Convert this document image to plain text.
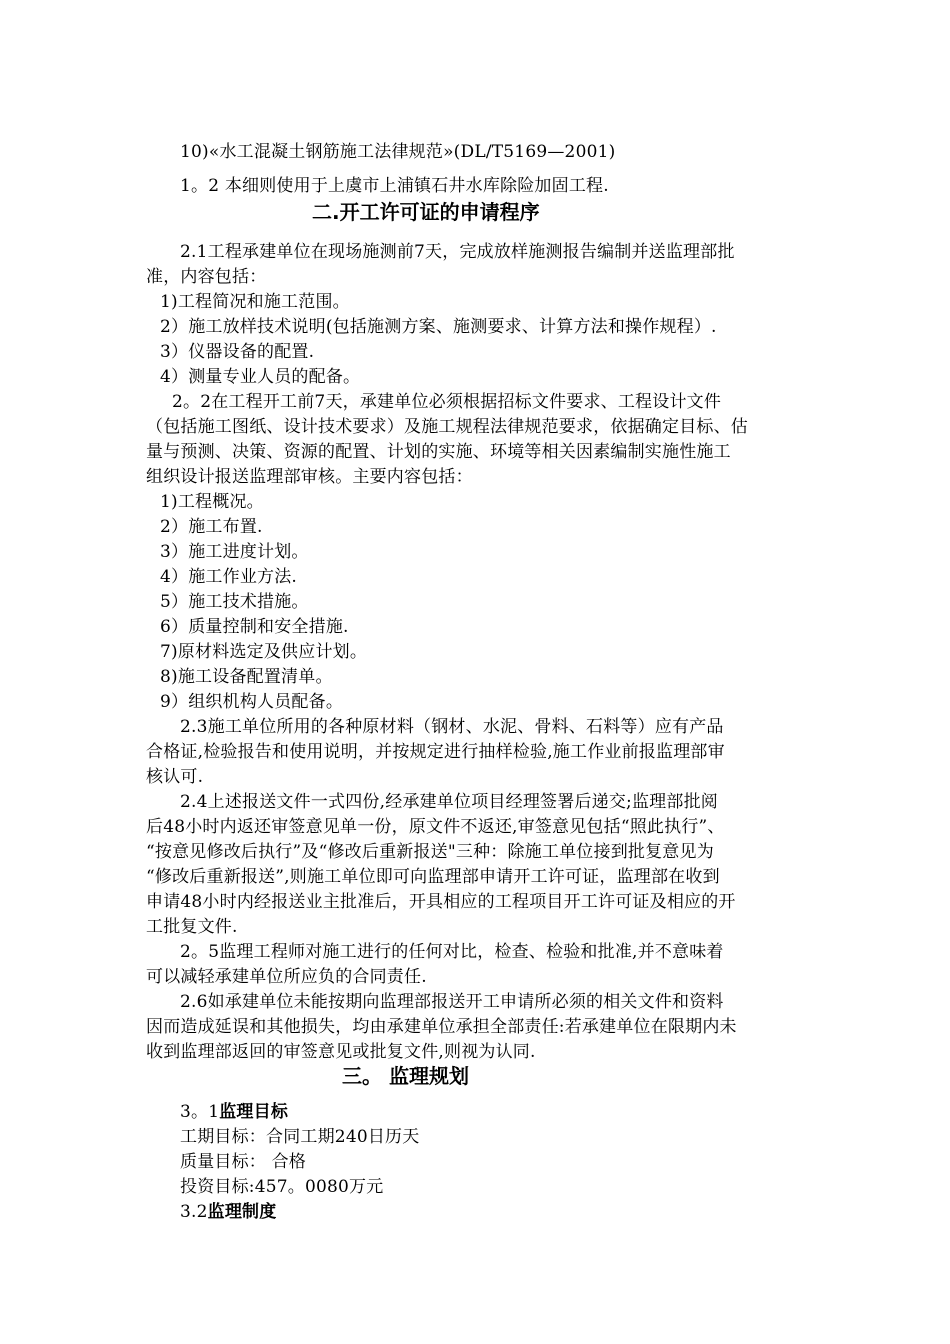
10)«水工混凝土钢筋施工法律规范»(DL/T5169—2001)
1。2 本细则使用于上虞市上浦镇石井水库除险加固工程.
二.开工许可证的申请程序
2.1工程承建单位在现场施测前7天，完成放样施测报告编制并送监理部批
准，内容包括：
1)工程简况和施工范围。
2）施工放样技术说明(包括施测方案、施测要求、计算方法和操作规程）.
3）仪器设备的配置.
4）测量专业人员的配备。
2。2在工程开工前7天，承建单位必须根据招标文件要求、工程设计文件
（包括施工图纸、设计技术要求）及施工规程法律规范要求，依据确定目标、估
量与预测、决策、资源的配置、计划的实施、环境等相关因素编制实施性施工
组织设计报送监理部审核。主要内容包括：
1)工程概况。
2）施工布置.
3）施工进度计划。
4）施工作业方法.
5）施工技术措施。
6）质量控制和安全措施.
7)原材料选定及供应计划。
8)施工设备配置清单。
9）组织机构人员配备。
2.3施工单位所用的各种原材料（钢材、水泥、骨料、石料等）应有产品
合格证,检验报告和使用说明，并按规定进行抽样检验,施工作业前报监理部审
核认可.
2.4上述报送文件一式四份,经承建单位项目经理签署后递交;监理部批阅
后48小时内返还审签意见单一份，原文件不返还,审签意见包括“照此执行”、
“按意见修改后执行”及“修改后重新报送"三种：除施工单位接到批复意见为
“修改后重新报送”,则施工单位即可向监理部申请开工许可证，监理部在收到
申请48小时内经报送业主批准后，开具相应的工程项目开工许可证及相应的开
工批复文件.
2。5监理工程师对施工进行的任何对比，检查、检验和批准,并不意味着
可以减轻承建单位所应负的合同责任.
2.6如承建单位未能按期向监理部报送开工申请所必须的相关文件和资料
因而造成延误和其他损失，均由承建单位承担全部责任:若承建单位在限期内未
收到监理部返回的审签意见或批复文件,则视为认同.
三。 监理规划
3。1监理目标
工期目标：合同工期240日历天
质量目标： 合格
投资目标:457。0080万元
3.2监理制度
